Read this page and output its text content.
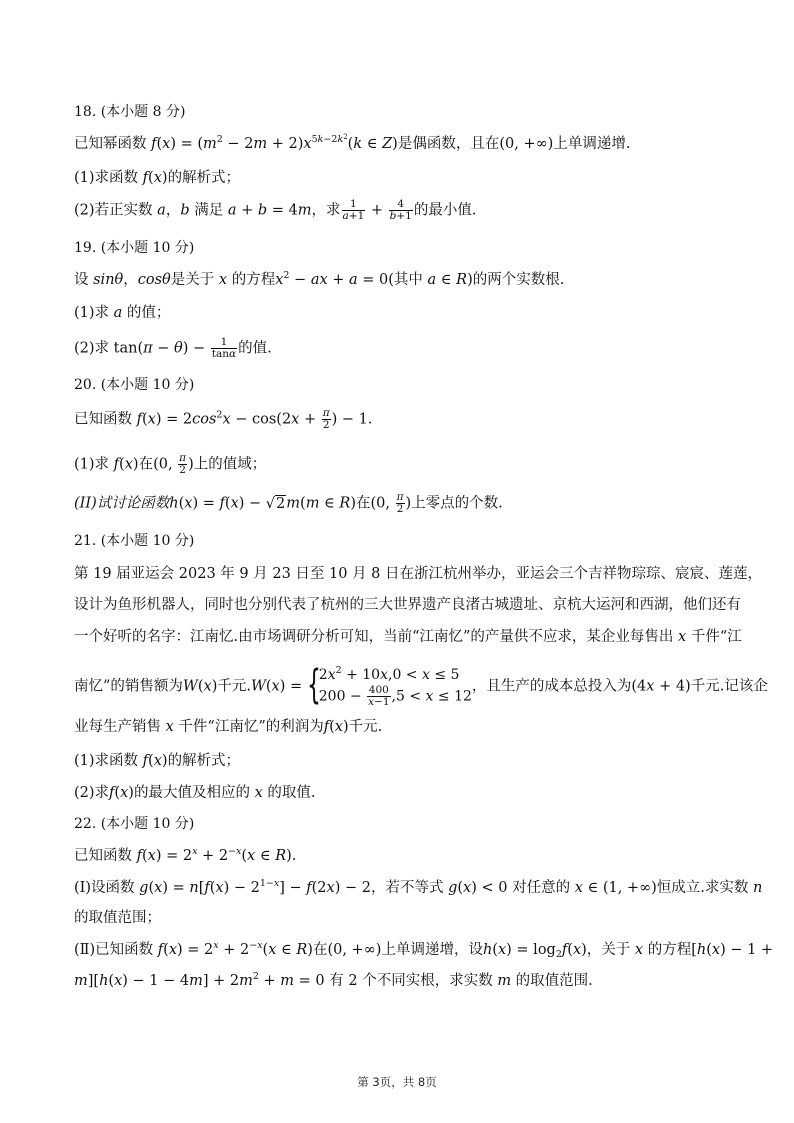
18. (本小题 8 分)
已知幂函数 $f(x) = (m^2 - 2m + 2)x^{5k-2k^2}(k$ ∈ Z)是偶函数，且在(0, +∞)上单调递增.
(1)求函数 f(x)的解析式；
(2)若正实数 a，b 满足 a + b = 4m，求 $\frac{1}{a+1} + \frac{4}{b+1}$ 的最小值.
19. (本小题 10 分)
设 sinθ，cosθ是关于 x 的方程$x^2$ − ax + a = 0(其中 a ∈ R)的两个实数根.
(1)求 a 的值；
(2)求 $\tan(\pi - \theta) - \frac{1}{\tan\alpha}$ 的值.
20. (本小题 10 分)
已知函数 $f(x) = 2\cos^2x - \cos(2x + \frac{\pi}{2}$ ) − 1.
(1)求 f(x)在(0, $\frac{\pi}{2}$ )上的值域；
(II)试讨论函数h(x) = f(x) − √2m(m ∈ R)在(0, $\frac{\pi}{2}$ )上零点的个数.
21. (本小题 10 分)
第 19 届亚运会 2023 年 9 月 23 日至 10 月 8 日在浙江杭州举办，亚运会三个吉祥物琮琮、宸宸、莲莲，
设计为鱼形机器人，同时也分别代表了杭州的三大世界遗产良渚古城遗址、京杭大运河和西湖，他们还有
一个好听的名字：江南忆.由市场调研分析可知，当前“江南忆”的产量供不应求，某企业每售出 x 千件“江
南忆”的销售额为W(x)千元.W(x) = {
$2x^2 + 10x,0 < x \le 5$
$200 - \frac{400}{x-1} ,5 < x \le 12$
，且生产的成本总投入为(4x + 4)千元.记该企
业每生产销售 x 千件“江南忆”的利润为f(x)千元.
(1)求函数 f(x)的解析式；
(2)求f(x)的最大值及相应的 x 的取值.
22. (本小题 10 分)
已知函数 $f(x) = 2^x + 2^{-x}(x$ ∈ R).
(Ⅰ)设函数 $g(x) = n[f(x) - 2^{1-x}] - f(2x) - 2$，若不等式 g(x) < 0 对任意的 x ∈ (1, +∞)恒成立.求实数 n
的取值范围；
(Ⅱ)已知函数 $f(x) = 2^x + 2^{-x}(x$ ∈ R)在(0, +∞)上单调递增，设$h(x) = \log_2f(x)$，关于 x 的方程[h(x) − 1 +
$m][h(x) - 1 - 4m] + 2m^2 + m = 0$ 有 2 个不同实根，求实数 m 的取值范围.
第 3页，共 8页
